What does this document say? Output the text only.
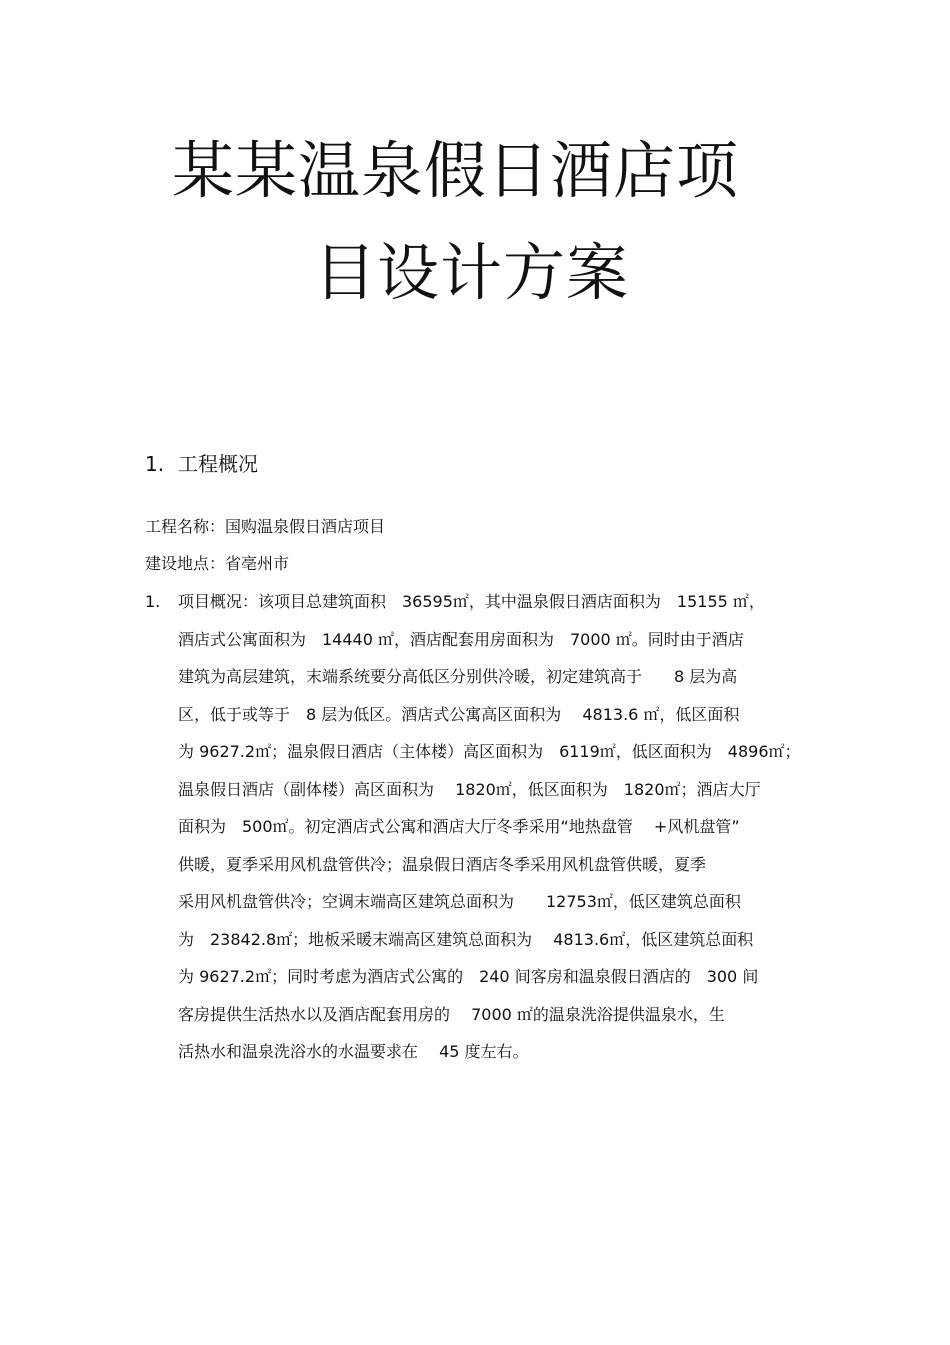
某某温泉假日酒店项
目设计方案
1. 工程概况
工程名称：国购温泉假日酒店项目
建设地点：省亳州市
1. 项目概况：该项目总建筑面积　36595㎡，其中温泉假日酒店面积为　15155 ㎡，
酒店式公寓面积为　14440 ㎡，酒店配套用房面积为　7000 ㎡。同时由于酒店
建筑为高层建筑，末端系统要分高低区分别供冷暖，初定建筑高于　　8 层为高
区，低于或等于　8 层为低区。酒店式公寓高区面积为　 4813.6 ㎡，低区面积
为 9627.2㎡；温泉假日酒店（主体楼）高区面积为　6119㎡，低区面积为　4896㎡；
温泉假日酒店（副体楼）高区面积为　 1820㎡，低区面积为　1820㎡；酒店大厅
面积为　500㎡。初定酒店式公寓和酒店大厅冬季采用“地热盘管　 +风机盘管”
供暖，夏季采用风机盘管供冷；温泉假日酒店冬季采用风机盘管供暖，夏季
采用风机盘管供冷；空调末端高区建筑总面积为　　12753㎡，低区建筑总面积
为　23842.8㎡；地板采暖末端高区建筑总面积为　 4813.6㎡，低区建筑总面积
为 9627.2㎡；同时考虑为酒店式公寓的　240 间客房和温泉假日酒店的　300 间
客房提供生活热水以及酒店配套用房的　 7000 ㎡的温泉洗浴提供温泉水，生
活热水和温泉洗浴水的水温要求在　 45 度左右。
